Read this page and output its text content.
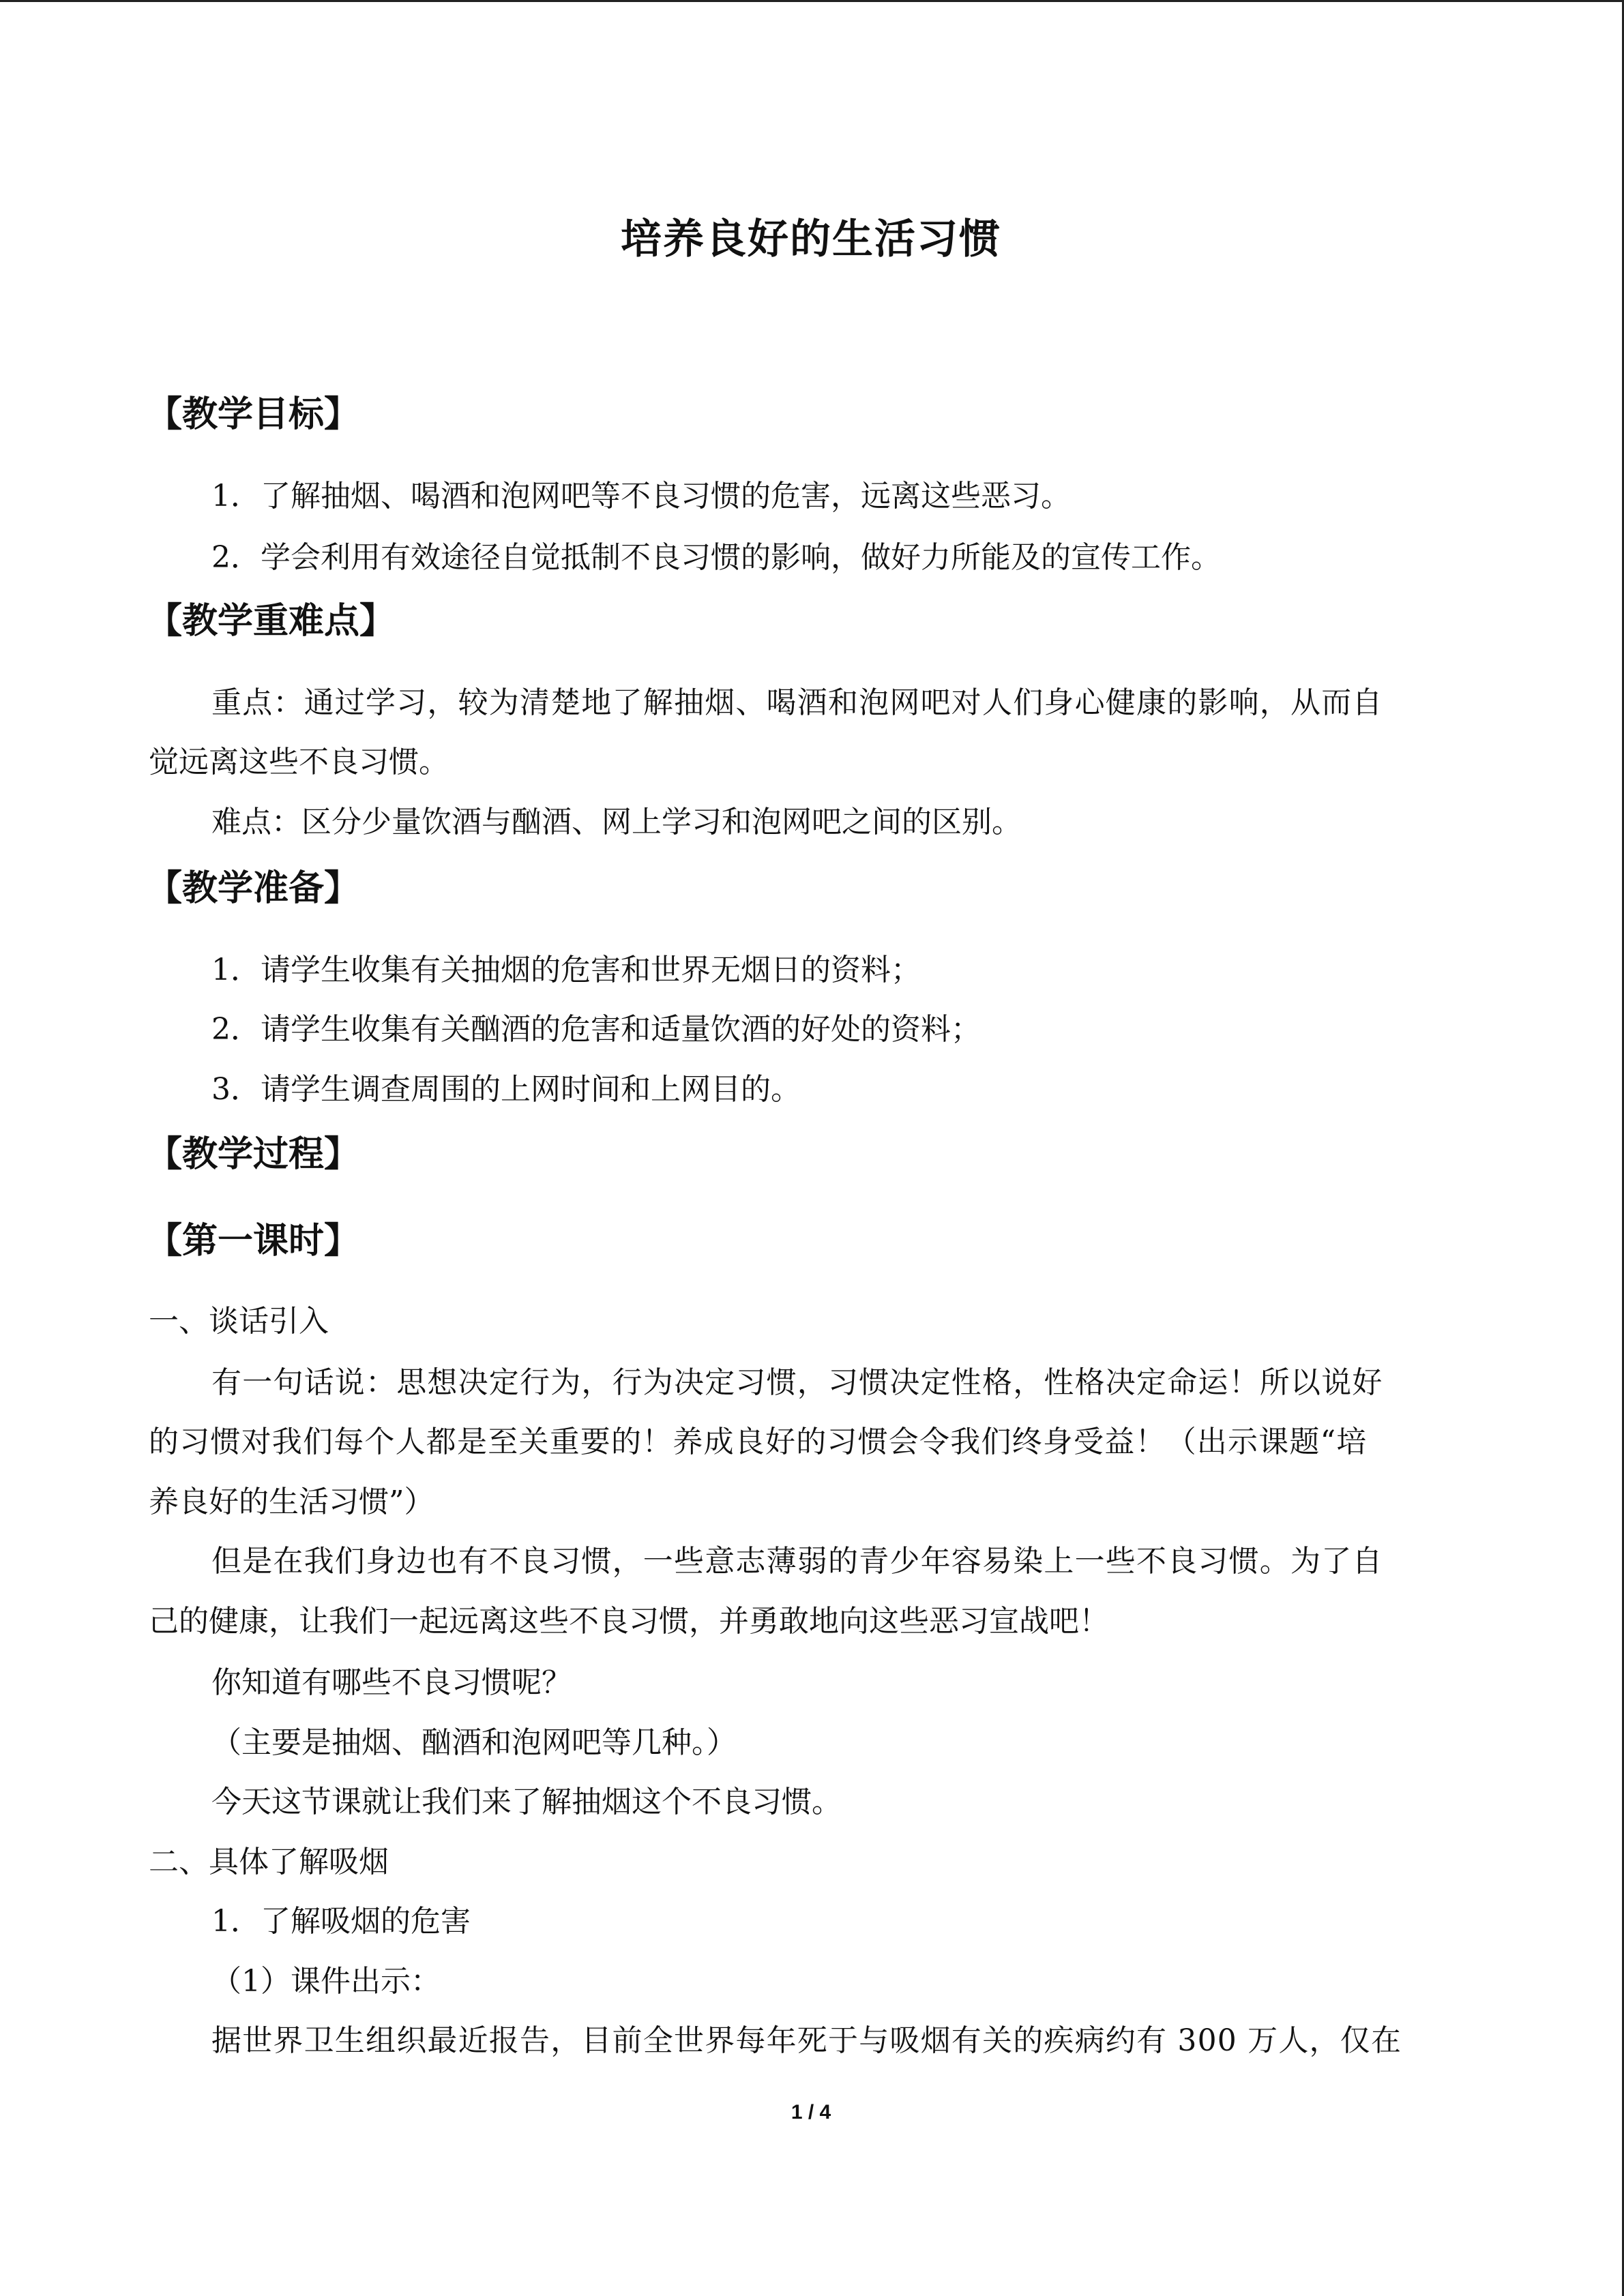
培养良好的生活习惯
【教学目标】
1．了解抽烟、喝酒和泡网吧等不良习惯的危害，远离这些恶习。
2．学会利用有效途径自觉抵制不良习惯的影响，做好力所能及的宣传工作。
【教学重难点】
重点：通过学习，较为清楚地了解抽烟、喝酒和泡网吧对人们身心健康的影响，从而自
觉远离这些不良习惯。
难点：区分少量饮酒与酗酒、网上学习和泡网吧之间的区别。
【教学准备】
1．请学生收集有关抽烟的危害和世界无烟日的资料；
2．请学生收集有关酗酒的危害和适量饮酒的好处的资料；
3．请学生调查周围的上网时间和上网目的。
【教学过程】
【第一课时】
一、谈话引入
有一句话说：思想决定行为，行为决定习惯，习惯决定性格，性格决定命运！所以说好
的习惯对我们每个人都是至关重要的！养成良好的习惯会令我们终身受益！（出示课题“培
养良好的生活习惯”）
但是在我们身边也有不良习惯，一些意志薄弱的青少年容易染上一些不良习惯。为了自
己的健康，让我们一起远离这些不良习惯，并勇敢地向这些恶习宣战吧！
你知道有哪些不良习惯呢？
（主要是抽烟、酗酒和泡网吧等几种。）
今天这节课就让我们来了解抽烟这个不良习惯。
二、具体了解吸烟
1．了解吸烟的危害
（1）课件出示：
据世界卫生组织最近报告，目前全世界每年死于与吸烟有关的疾病约有 300 万人，仅在
1 / 4
